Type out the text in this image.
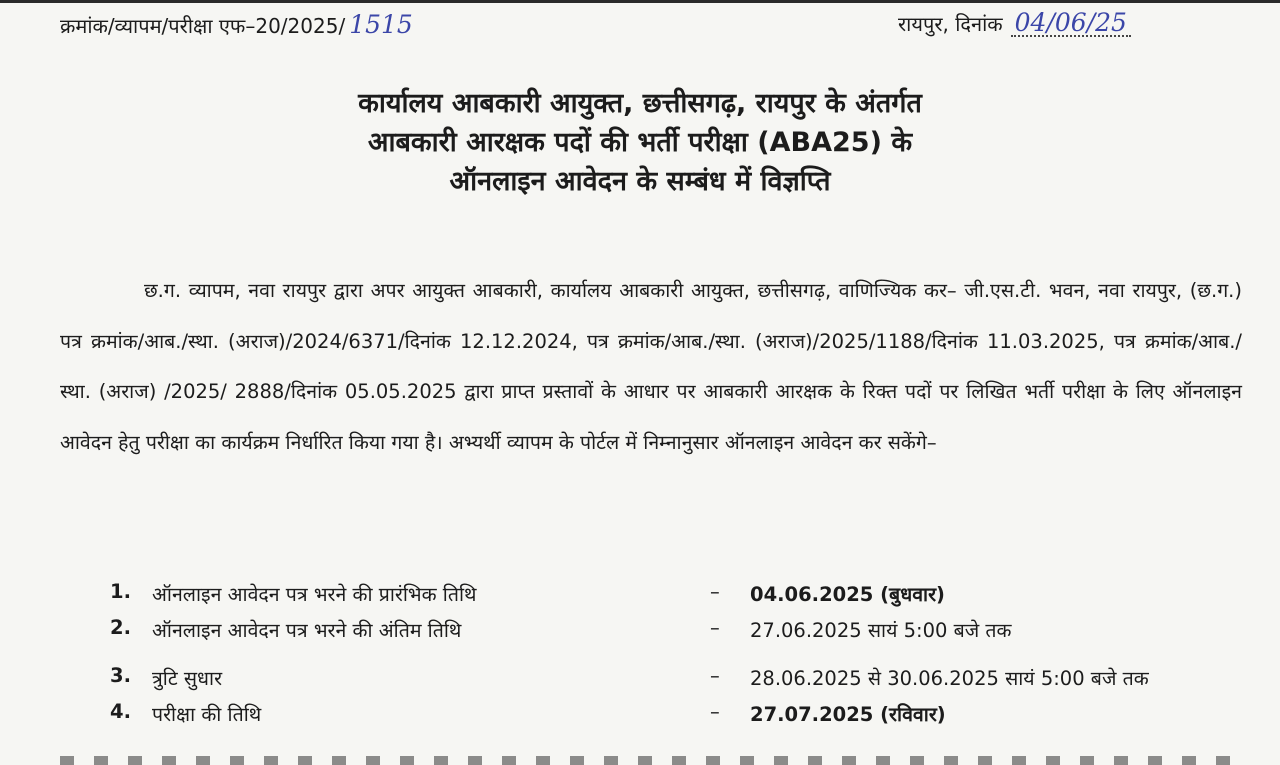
क्रमांक/व्यापम/परीक्षा एफ–20/2025/ 1515	रायपुर, दिनांक 04/06/25
कार्यालय आबकारी आयुक्त, छत्तीसगढ़, रायपुर के अंतर्गत
आबकारी आरक्षक पदों की भर्ती परीक्षा (ABA25) के
ऑनलाइन आवेदन के सम्बंध में विज्ञप्ति

छ.ग. व्यापम, नवा रायपुर द्वारा अपर आयुक्त आबकारी, कार्यालय आबकारी आयुक्त, छत्तीसगढ़, वाणिज्यिक कर– जी.एस.टी. भवन, नवा रायपुर, (छ.ग.) पत्र क्रमांक/आब./स्था. (अराज)/2024/6371/दिनांक 12.12.2024, पत्र क्रमांक/आब./स्था. (अराज)/2025/1188/दिनांक 11.03.2025, पत्र क्रमांक/आब./स्था. (अराज) /2025/ 2888/दिनांक 05.05.2025 द्वारा प्राप्त प्रस्तावों के आधार पर आबकारी आरक्षक के रिक्त पदों पर लिखित भर्ती परीक्षा के लिए ऑनलाइन आवेदन हेतु परीक्षा का कार्यक्रम निर्धारित किया गया है। अभ्यर्थी व्यापम के पोर्टल में निम्नानुसार ऑनलाइन आवेदन कर सकेंगे–

1. ऑनलाइन आवेदन पत्र भरने की प्रारंभिक तिथि	– 04.06.2025 (बुधवार)
2. ऑनलाइन आवेदन पत्र भरने की अंतिम तिथि	– 27.06.2025 सायं 5:00 बजे तक
3. त्रुटि सुधार	– 28.06.2025 से 30.06.2025 सायं 5:00 बजे तक
4. परीक्षा की तिथि	– 27.07.2025 (रविवार)
